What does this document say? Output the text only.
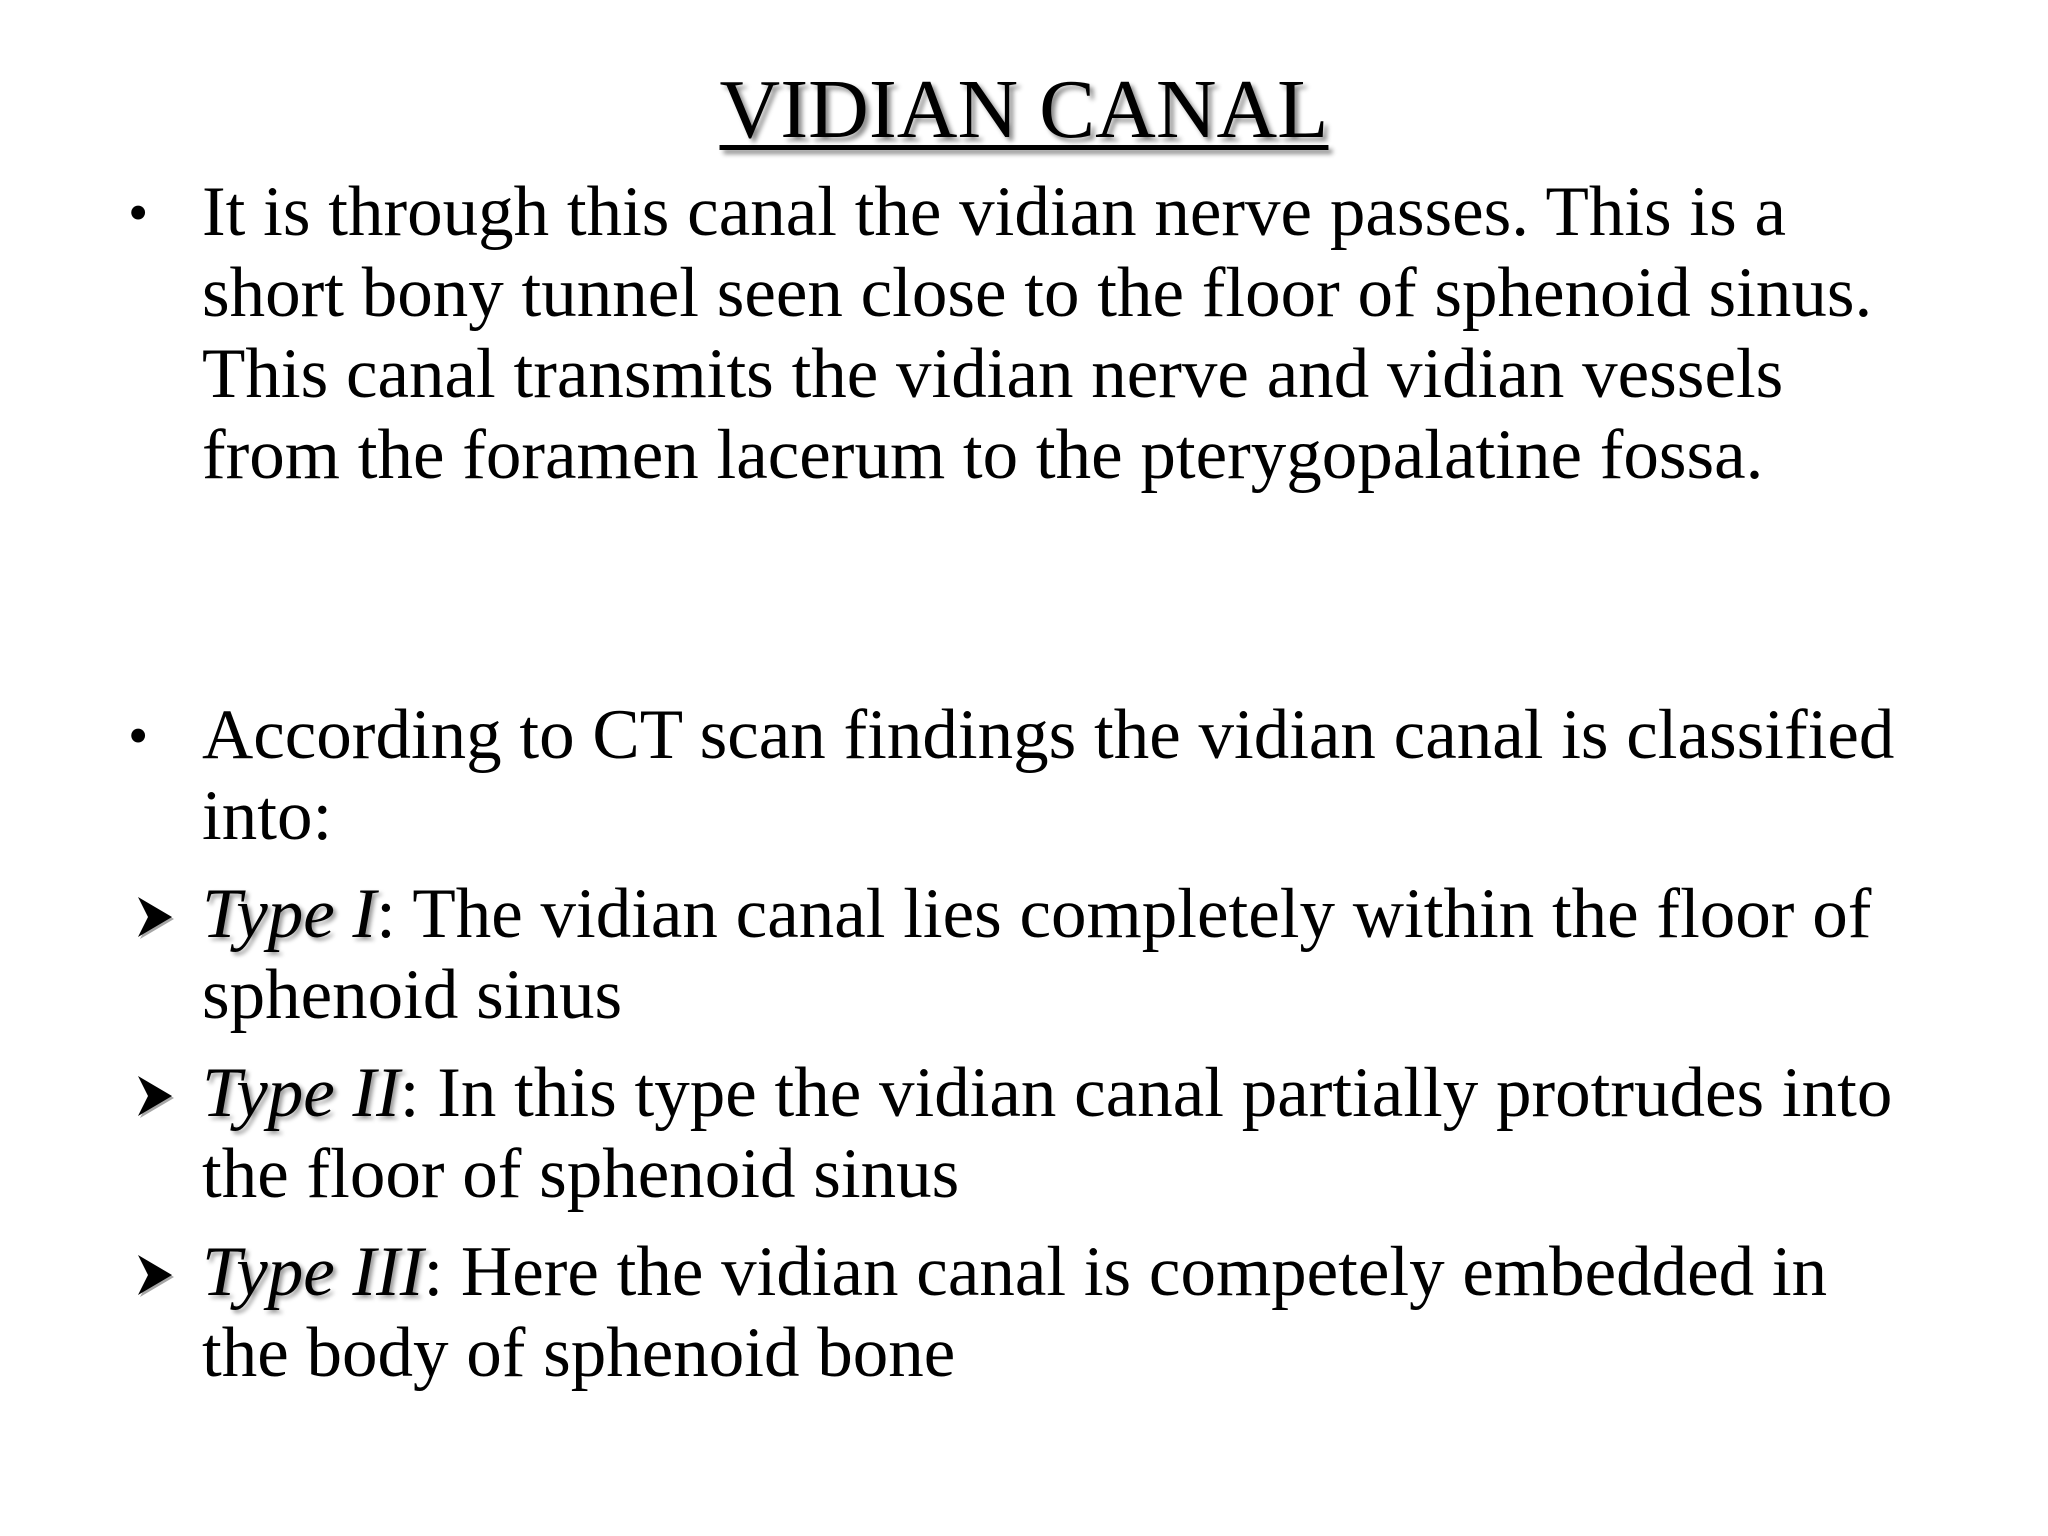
VIDIAN CANAL
• It is through this canal the vidian nerve passes. This is a short bony tunnel seen close to the floor of sphenoid sinus. This canal transmits the vidian nerve and vidian vessels from the foramen lacerum to the pterygopalatine fossa.
• According to CT scan findings the vidian canal is classified into:
Type I: The vidian canal lies completely within the floor of sphenoid sinus
Type II: In this type the vidian canal partially protrudes into the floor of sphenoid sinus
Type III: Here the vidian canal is competely embedded in the body of sphenoid bone
